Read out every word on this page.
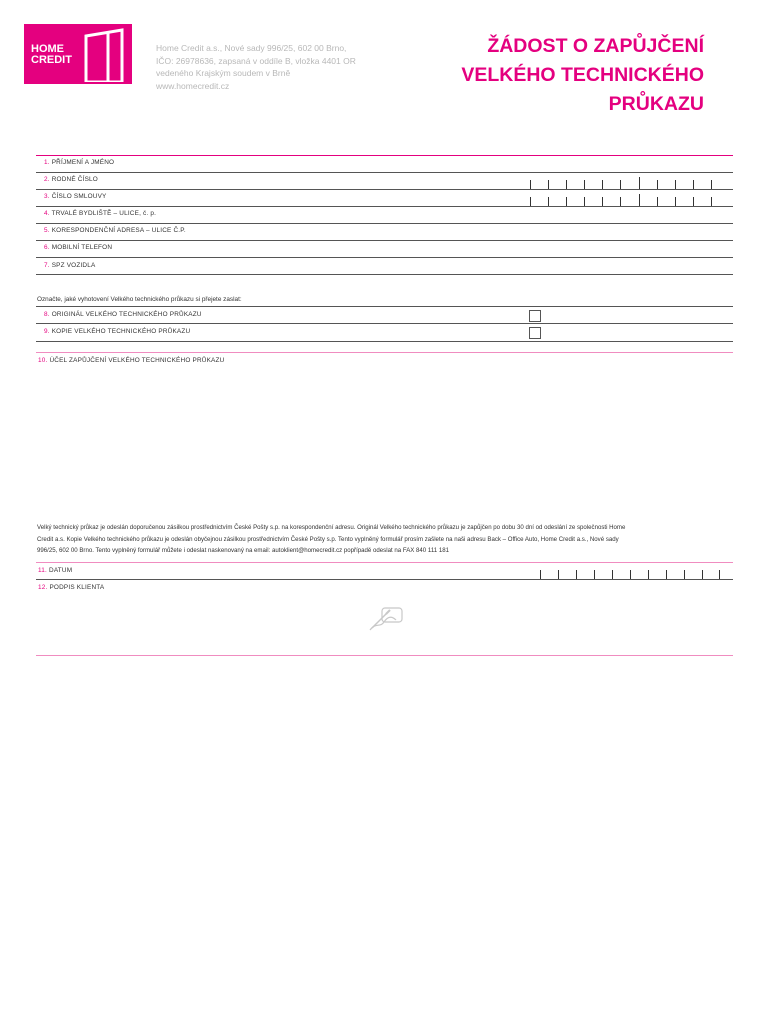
HOME
CREDIT
Home Credit a.s., Nové sady 996/25, 602 00 Brno,
IČO: 26978636, zapsaná v oddíle B, vložka 4401 OR
vedeného Krajským soudem v Brně
www.homecredit.cz
ŽÁDOST O ZAPŮJČENÍ
VELKÉHO TECHNICKÉHO
PRŮKAZU
1. PŘÍJMENÍ A JMÉNO
2. RODNÉ ČÍSLO
3. ČÍSLO SMLOUVY
4. TRVALÉ BYDLIŠTĚ – ULICE, č. p.
5. KORESPONDENČNÍ ADRESA – ULICE Č.P.
6. MOBILNÍ TELEFON
7. SPZ VOZIDLA
Označte, jaké vyhotovení Velkého technického průkazu si přejete zaslat:
8. ORIGINÁL VELKÉHO TECHNICKÉHO PRŮKAZU
9. KOPIE VELKÉHO TECHNICKÉHO PRŮKAZU
10. ÚČEL ZAPŮJČENÍ VELKÉHO TECHNICKÉHO PRŮKAZU
Velký technický průkaz je odeslán doporučenou zásilkou prostřednictvím České Pošty s.p. na korespondenční adresu. Originál Velkého technického průkazu je zapůjčen po dobu 30 dní od odeslání ze společnosti Home
Credit a.s. Kopie Velkého technického průkazu je odeslán obyčejnou zásilkou prostřednictvím České Pošty s.p. Tento vyplněný formulář prosím zašlete na naši adresu Back – Office Auto, Home Credit a.s., Nové sady
996/25, 602 00 Brno. Tento vyplněný formulář můžete i odeslat naskenovaný na email: autoklient@homecredit.cz popřípadě odeslat na FAX 840 111 181
11. DATUM
12. PODPIS KLIENTA
